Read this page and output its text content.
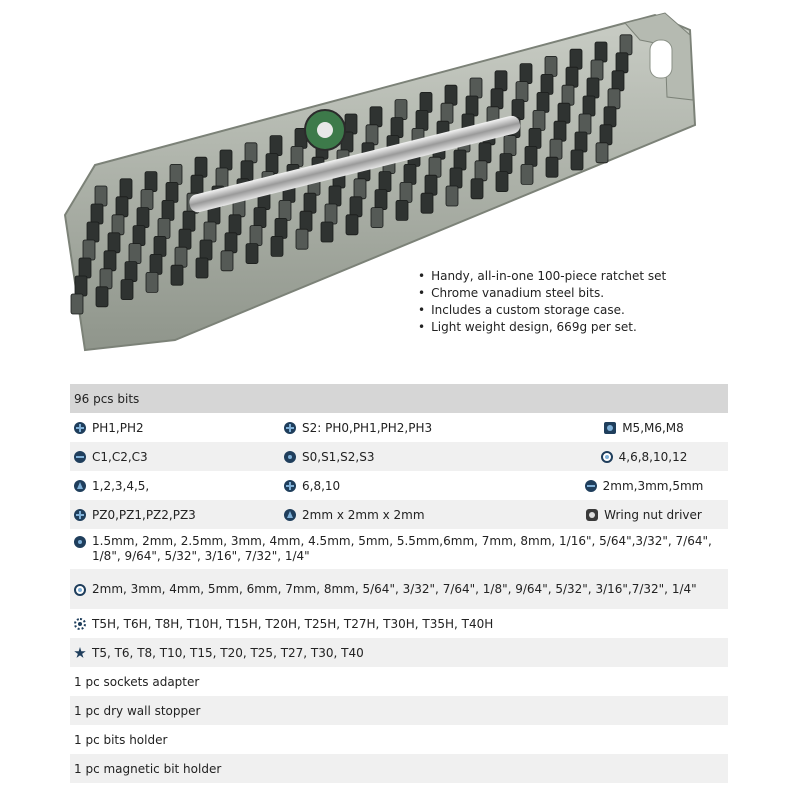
• Handy, all-in-one 100-piece ratchet set
• Chrome vanadium steel bits.
• Includes a custom storage case.
• Light weight design, 669g per set.
96 pcs bits		
PH1,PH2	S2: PH0,PH1,PH2,PH3	M5,M6,M8
C1,C2,C3	S0,S1,S2,S3	4,6,8,10,12
1,2,3,4,5,	6,8,10	2mm,3mm,5mm
PZ0,PZ1,PZ2,PZ3	2mm x 2mm x 2mm	Wring nut driver

1.5mm, 2mm, 2.5mm, 3mm, 4mm, 4.5mm, 5mm, 5.5mm,6mm, 7mm, 8mm, 1/16", 5/64",3/32", 7/64", 1/8", 9/64", 5/32", 3/16", 7/32", 1/4"		

2mm, 3mm, 4mm, 5mm, 6mm, 7mm, 8mm, 5/64", 3/32", 7/64", 1/8", 9/64", 5/32", 3/16",7/32", 1/4"		

T5H, T6H, T8H, T10H, T15H, T20H, T25H, T27H, T30H, T35H, T40H		
T5, T6, T8, T10, T15, T20, T25, T27, T30, T40		
1 pc sockets adapter		
1 pc dry wall stopper		
1 pc bits holder		
1 pc magnetic bit holder		
